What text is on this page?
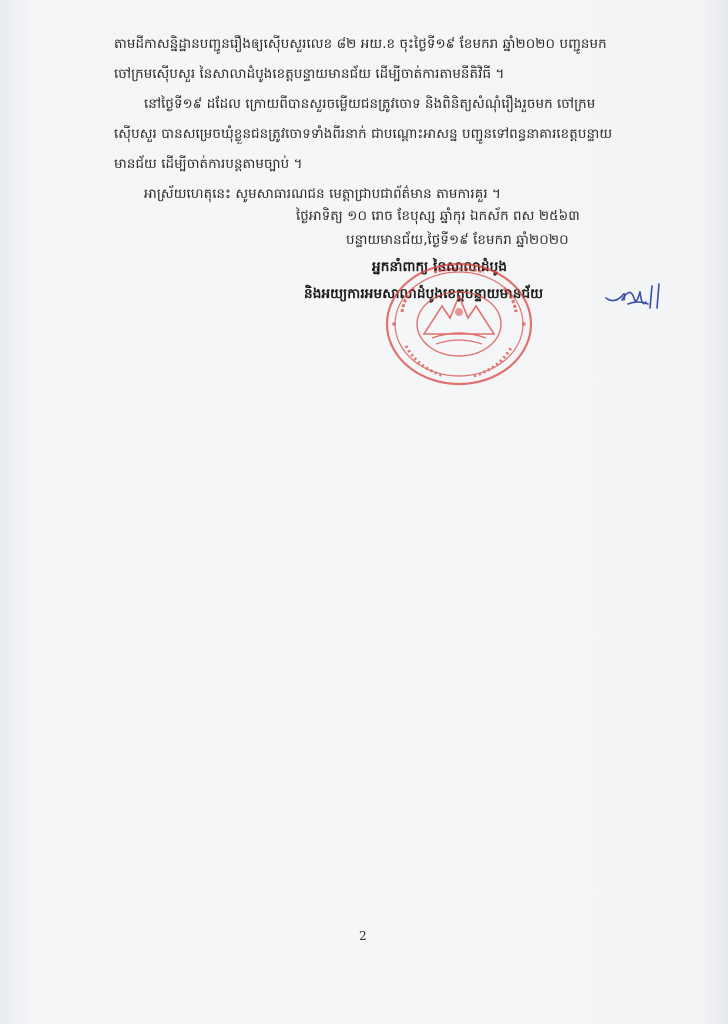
តាមដីកាសន្និដ្ឋានបញ្ជូនរឿងឲ្យស៊ើបសួរលេខ ៨២ អយ.ខ ចុះថ្ងៃទី១៩ ខែមករា ឆ្នាំ២០២០ បញ្ជូនមក
ចៅក្រមស៊ើបសួរ នៃសាលាដំបូងខេត្តបន្ទាយមានជ័យ ដើម្បីចាត់ការតាមនីតិវិធី ។
នៅថ្ងៃទី១៩ ដដែល ក្រោយពីបានសួរចម្លើយជនត្រូវចោទ និងពិនិត្យសំណុំរឿងរួចមក ចៅក្រម
ស៊ើបសួរ បានសម្រេចឃុំខ្លួនជនត្រូវចោទទាំងពីរនាក់ ជាបណ្តោះអាសន្ន បញ្ជូនទៅពន្ធនាគារខេត្តបន្ទាយ
មានជ័យ ដើម្បីចាត់ការបន្តតាមច្បាប់ ។
អាស្រ័យហេតុនេះ សូមសាធារណជន មេត្តាជ្រាបជាព័ត៌មាន តាមការគួរ ។
ថ្ងៃអាទិត្យ ១០ រោច ខែបុស្ស ឆ្នាំកុរ ឯកស័ក ពស ២៥៦៣
បន្ទាយមានជ័យ,ថ្ងៃទី១៩ ខែមករា ឆ្នាំ២០២០
អ្នកនាំពាក្យ នៃសាលាដំបូង
និងអយ្យការអមសាលាដំបូងខេត្តបន្ទាយមានជ័យ
2
